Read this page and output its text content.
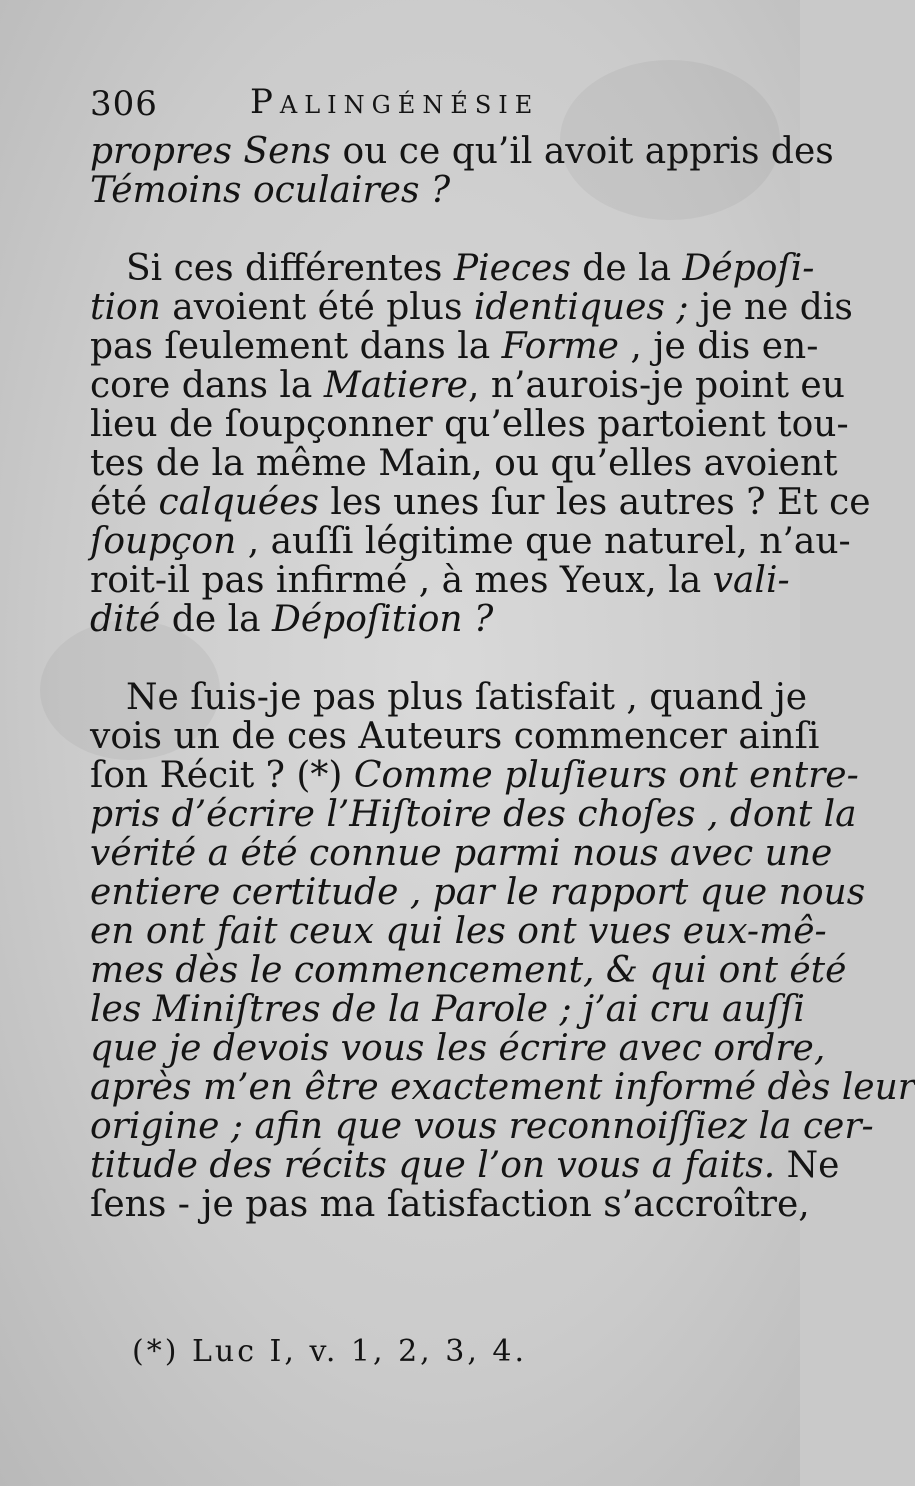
306	Palingénésie
propres Sens ou ce qu’il avoit appris des
Témoins oculaires ?
Si ces différentes Pieces de la Dépoſi-
tion avoient été plus identiques ; je ne dis
pas ſeulement dans la Forme , je dis en-
core dans la Matiere, n’aurois-je point eu
lieu de ſoupçonner qu’elles partoient tou-
tes de la même Main, ou qu’elles avoient
été calquées les unes ſur les autres ? Et ce
ſoupçon , auſſi légitime que naturel, n’au-
roit-il pas infirmé , à mes Yeux, la vali-
dité de la Dépoſition ?
Ne ſuis-je pas plus ſatisfait , quand je
vois un de ces Auteurs commencer ainſi
ſon Récit ? (*) Comme pluſieurs ont entre-
pris d’écrire l’Hiſtoire des choſes , dont la
vérité a été connue parmi nous avec une
entiere certitude , par le rapport que nous
en ont fait ceux qui les ont vues eux-mê-
mes dès le commencement, & qui ont été
les Miniſtres de la Parole ; j’ai cru auſſi
que je devois vous les écrire avec ordre,
après m’en être exactement informé dès leur
origine ; afin que vous reconnoiſſiez la cer-
titude des récits que l’on vous a faits. Ne
ſens - je pas ma ſatisfaction s’accroître,
(*) Luc I, v. 1, 2, 3, 4.
